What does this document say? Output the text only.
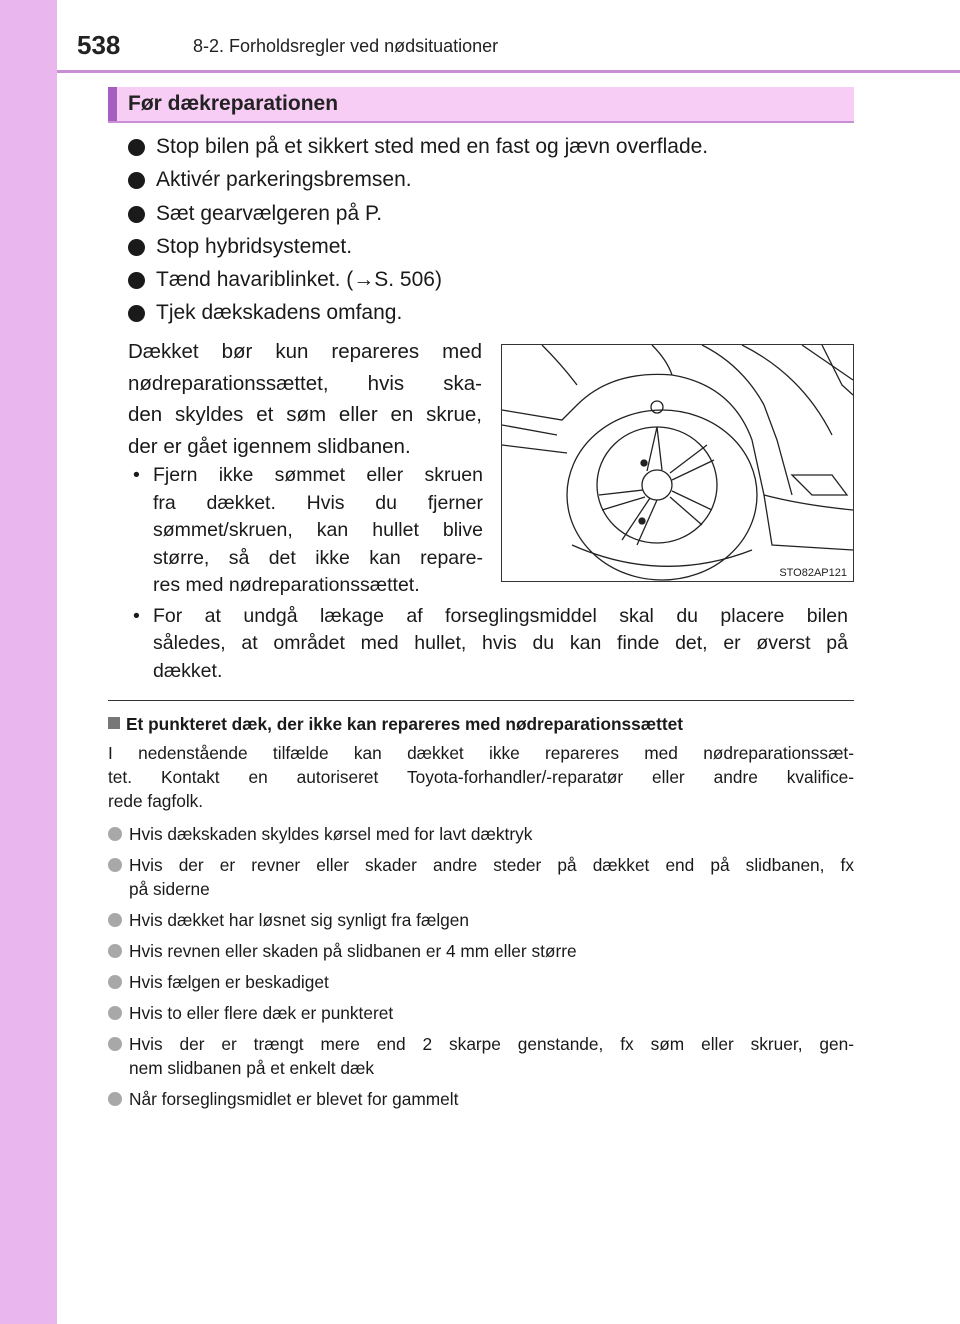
538	8-2. Forholdsregler ved nødsituationer
Før dækreparationen
Stop bilen på et sikkert sted med en fast og jævn overflade.
Aktivér parkeringsbremsen.
Sæt gearvælgeren på P.
Stop hybridsystemet.
Tænd havariblinket. (→S. 506)
Tjek dækskadens omfang.
Dækket bør kun repareres med
nødreparationssættet, hvis ska-
den skyldes et søm eller en skrue,
der er gået igennem slidbanen.
• Fjern ikke sømmet eller skruen
fra dækket. Hvis du fjerner
sømmet/skruen, kan hullet blive
større, så det ikke kan repare-
res med nødreparationssættet.
• For at undgå lækage af forseglingsmiddel skal du placere bilen
således, at området med hullet, hvis du kan finde det, er øverst på
dækket.
STO82AP121
Et punkteret dæk, der ikke kan repareres med nødreparationssættet
I nedenstående tilfælde kan dækket ikke repareres med nødreparationssæt-
tet. Kontakt en autoriseret Toyota-forhandler/-reparatør eller andre kvalifice-
rede fagfolk.
Hvis dækskaden skyldes kørsel med for lavt dæktryk
Hvis der er revner eller skader andre steder på dækket end på slidbanen, fx
på siderne
Hvis dækket har løsnet sig synligt fra fælgen
Hvis revnen eller skaden på slidbanen er 4 mm eller større
Hvis fælgen er beskadiget
Hvis to eller flere dæk er punkteret
Hvis der er trængt mere end 2 skarpe genstande, fx søm eller skruer, gen-
nem slidbanen på et enkelt dæk
Når forseglingsmidlet er blevet for gammelt
